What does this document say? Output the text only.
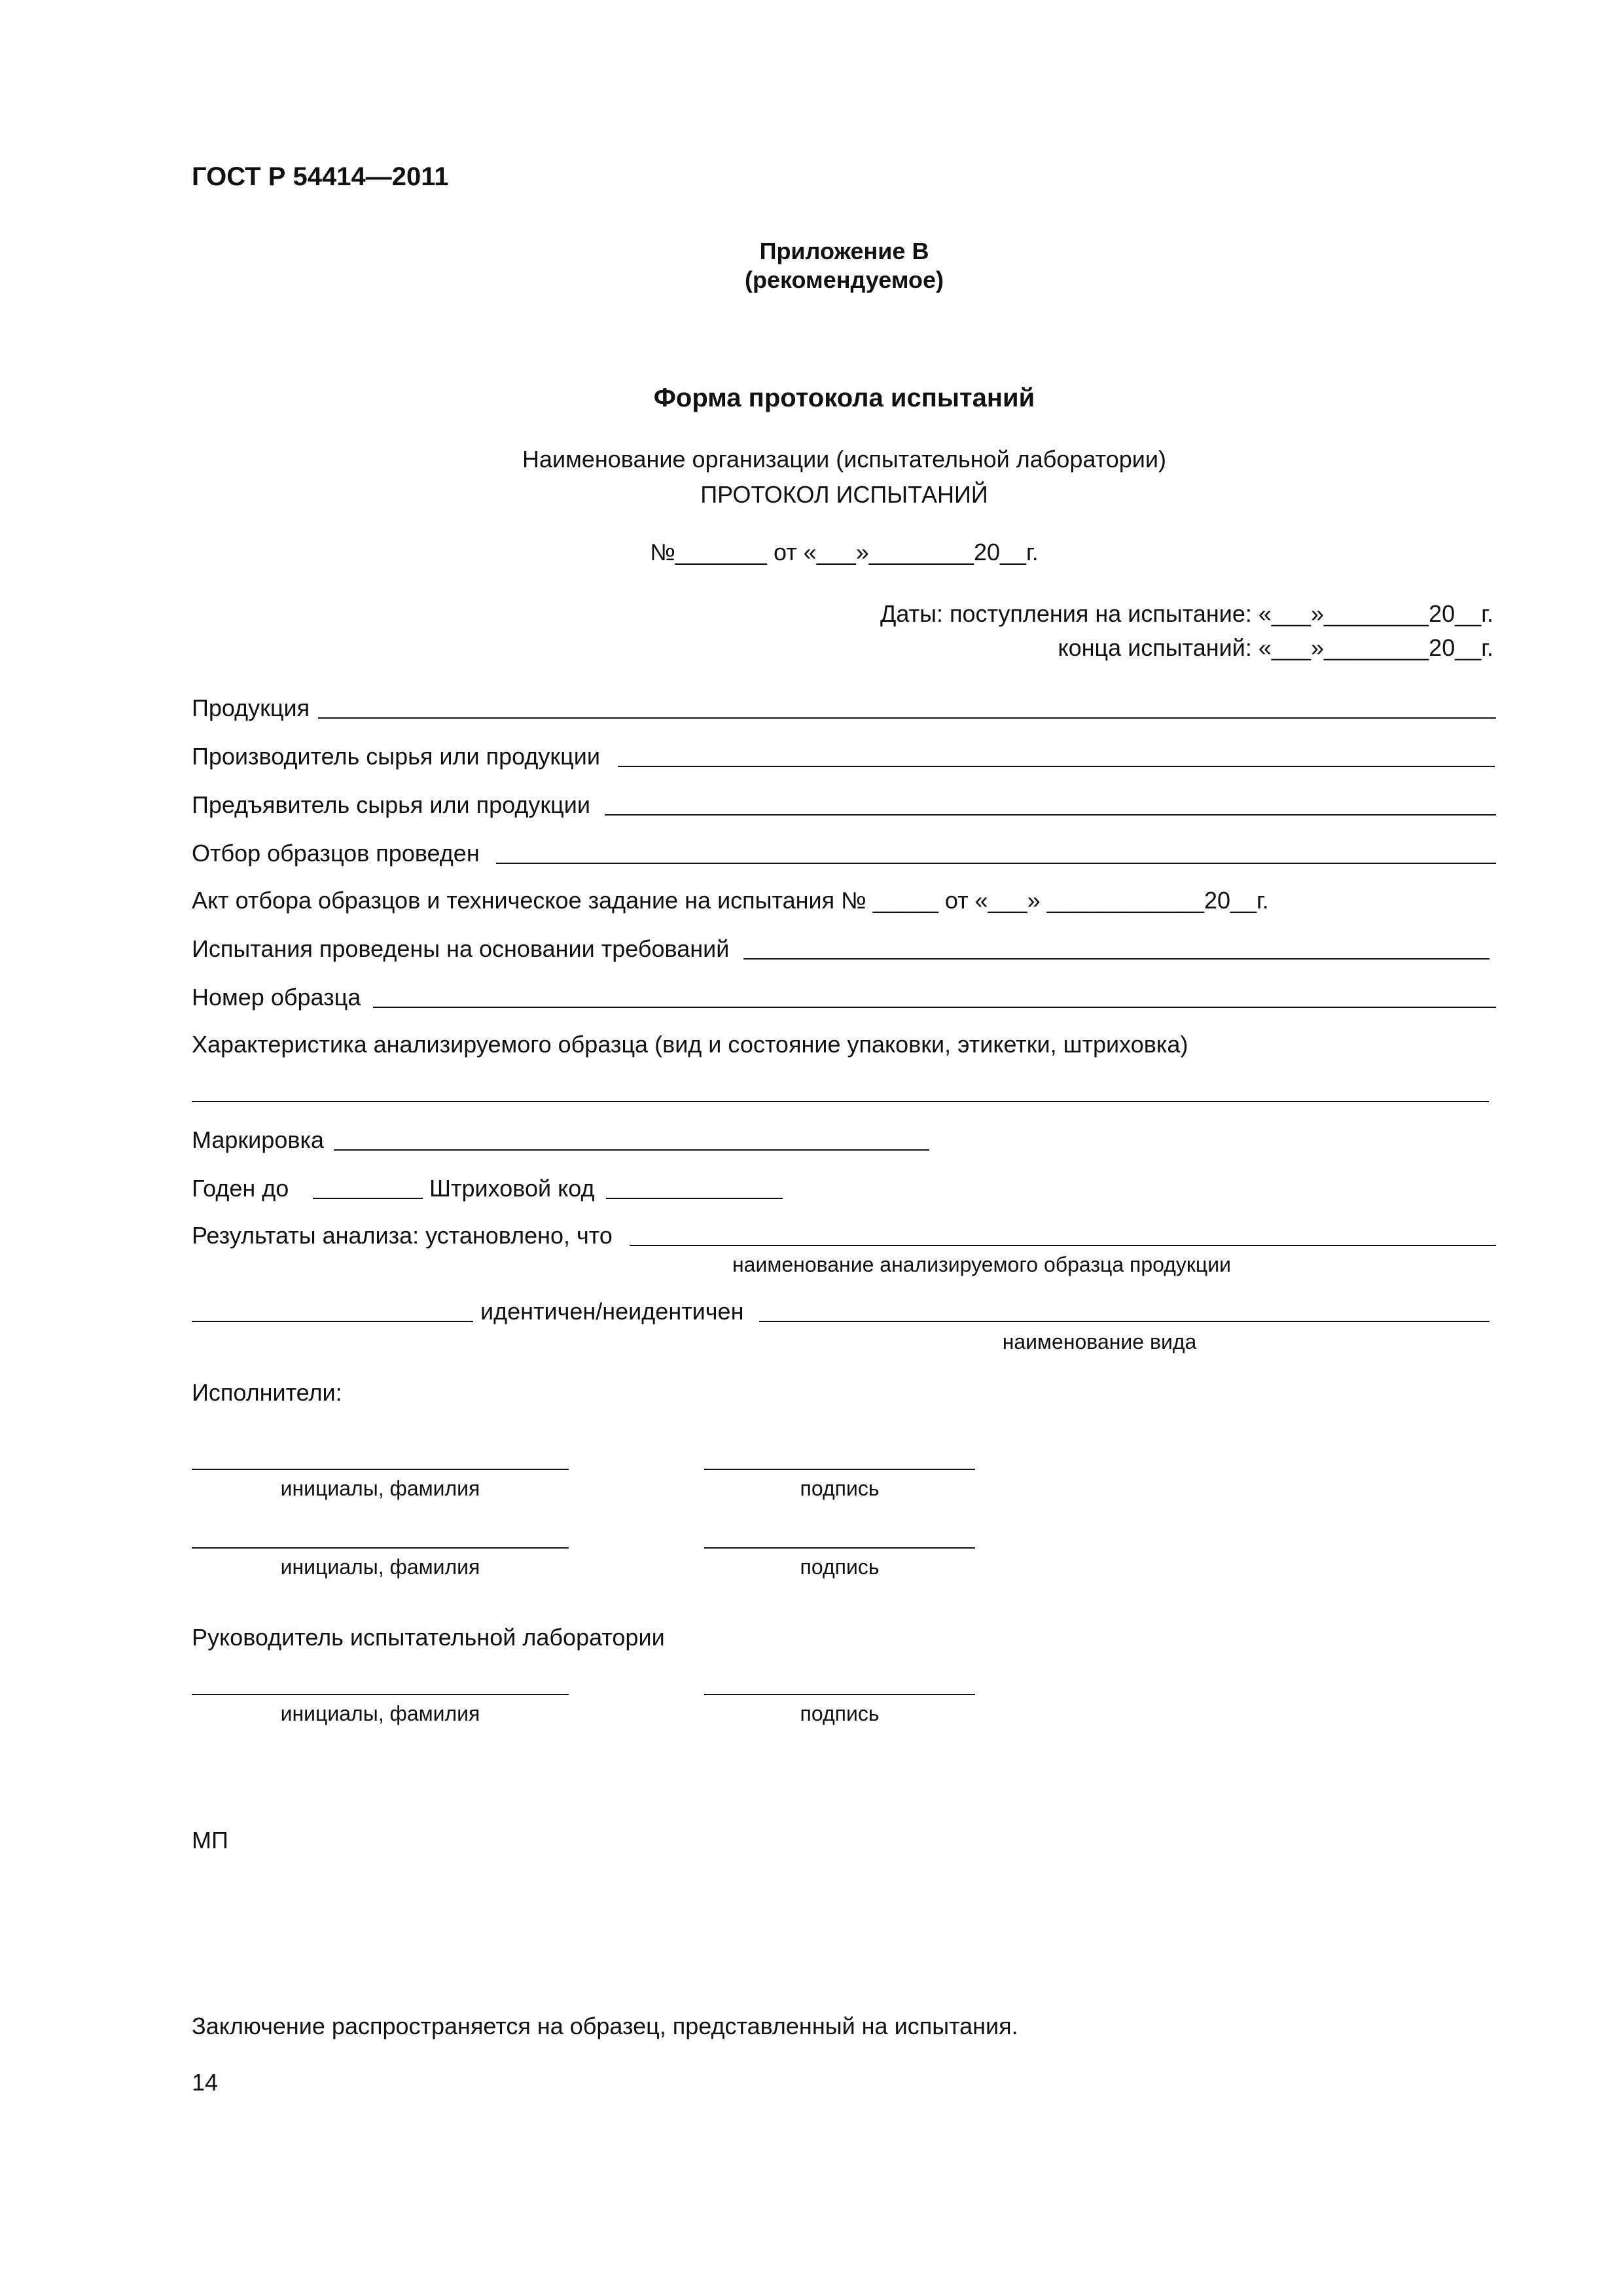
ГОСТ Р 54414—2011
Приложение В
(рекомендуемое)
Форма протокола испытаний
Наименование организации (испытательной лаборатории)
ПРОТОКОЛ ИСПЫТАНИЙ
№_______ от «___»________20__г.
Даты: поступления на испытание: «___»________20__г.
конца испытаний: «___»________20__г.
Продукция
Производитель сырья или продукции
Предъявитель сырья или продукции
Отбор образцов проведен
Акт отбора образцов и техническое задание на испытания № _____ от «___» ____________20__г.
Испытания проведены на основании требований
Номер образца
Характеристика анализируемого образца (вид и состояние упаковки, этикетки, штриховка)
Маркировка
Годен до	Штриховой код
Результаты анализа: установлено, что
наименование анализируемого образца продукции
идентичен/неидентичен
наименование вида
Исполнители:
инициалы, фамилия	подпись
инициалы, фамилия	подпись
Руководитель испытательной лаборатории
инициалы, фамилия	подпись
МП
Заключение распространяется на образец, представленный на испытания.
14
